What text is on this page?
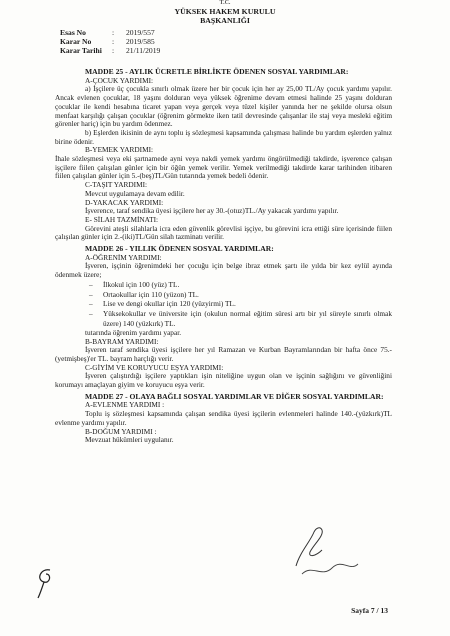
T.C.
YÜKSEK HAKEM KURULU
BAŞKANLIĞI
Esas No	:	2019/557
Karar No	:	2019/585
Karar Tarihi	:	21/11/2019

MADDE 25 - AYLIK ÜCRETLE BİRLİKTE ÖDENEN SOSYAL YARDIMLAR:

A-ÇOCUK YARDIMI:

a) İşçilere üç çocukla sınırlı olmak üzere her bir çocuk için her ay 25,00 TL/Ay çocuk yardımı yapılır. Ancak evlenen çocuklar, 18 yaşını dolduran veya yüksek öğrenime devam etmesi halinde 25 yaşını dolduran çocuklar ile kendi hesabına ticaret yapan veya gerçek veya tüzel kişiler yanında her ne şekilde olursa olsun menfaat karşılığı çalışan çocuklar (öğrenim görmekte iken tatil devresinde çalışanlar ile staj veya mesleki eğitim görenler hariç) için bu yardım ödenmez.

b) Eşlerden ikisinin de aynı toplu iş sözleşmesi kapsamında çalışması halinde bu yardım eşlerden yalnız birine ödenir.

B-YEMEK YARDIMI:

İhale sözleşmesi veya eki şartnamede ayni veya nakdi yemek yardımı öngörülmediği takdirde, işverence çalışan işçilere fiilen çalışılan günler için bir öğün yemek verilir. Yemek verilmediği takdirde karar tarihinden itibaren fiilen çalışılan günler için 5.-(beş)TL/Gün tutarında yemek bedeli ödenir.

C-TAŞIT YARDIMI:

Mevcut uygulamaya devam edilir.

D-YAKACAK YARDIMI:

İşverence, taraf sendika üyesi işçilere her ay 30.-(otuz)TL./Ay yakacak yardımı yapılır.

E- SİLAH TAZMİNATI:

Görevini ateşli silahlarla icra eden güvenlik görevlisi işçiye, bu görevini icra ettiği süre içerisinde fiilen çalışılan günler için 2.-(iki)TL/Gün silah tazminatı verilir.

MADDE 26 - YILLIK ÖDENEN SOSYAL YARDIMLAR:

A-ÖĞRENİM YARDIMI:

İşveren, işçinin öğrenimdeki her çocuğu için belge ibraz etmek şartı ile yılda bir kez eylül ayında ödenmek üzere;

– İlkokul için 100 (yüz) TL.
– Ortaokullar için 110 (yüzon) TL.
– Lise ve dengi okullar için 120 (yüzyirmi) TL.
– Yüksekokullar ve üniversite için (okulun normal eğitim süresi artı bir yıl süreyle sınırlı olmak üzere) 140 (yüzkırk) TL.

tutarında öğrenim yardımı yapar.

B-BAYRAM YARDIMI:

İşveren taraf sendika üyesi işçilere her yıl Ramazan ve Kurban Bayramlarından bir hafta önce 75.-(yetmişbeş)'er TL. bayram harçlığı verir.

C-GİYİM VE KORUYUCU EŞYA YARDIMI:

İşveren çalıştırdığı işçilere yaptıkları işin niteliğine uygun olan ve işçinin sağlığını ve güvenliğini korumayı amaçlayan giyim ve koruyucu eşya verir.

MADDE 27 - OLAYA BAĞLI SOSYAL YARDIMLAR VE DİĞER SOSYAL YARDIMLAR:

A-EVLENME YARDIMI :

Toplu iş sözleşmesi kapsamında çalışan sendika üyesi işçilerin evlenmeleri halinde 140.-(yüzkırk)TL evlenme yardımı yapılır.

B-DOĞUM YARDIMI :

Mevzuat hükümleri uygulanır.

Sayfa 7 / 13
